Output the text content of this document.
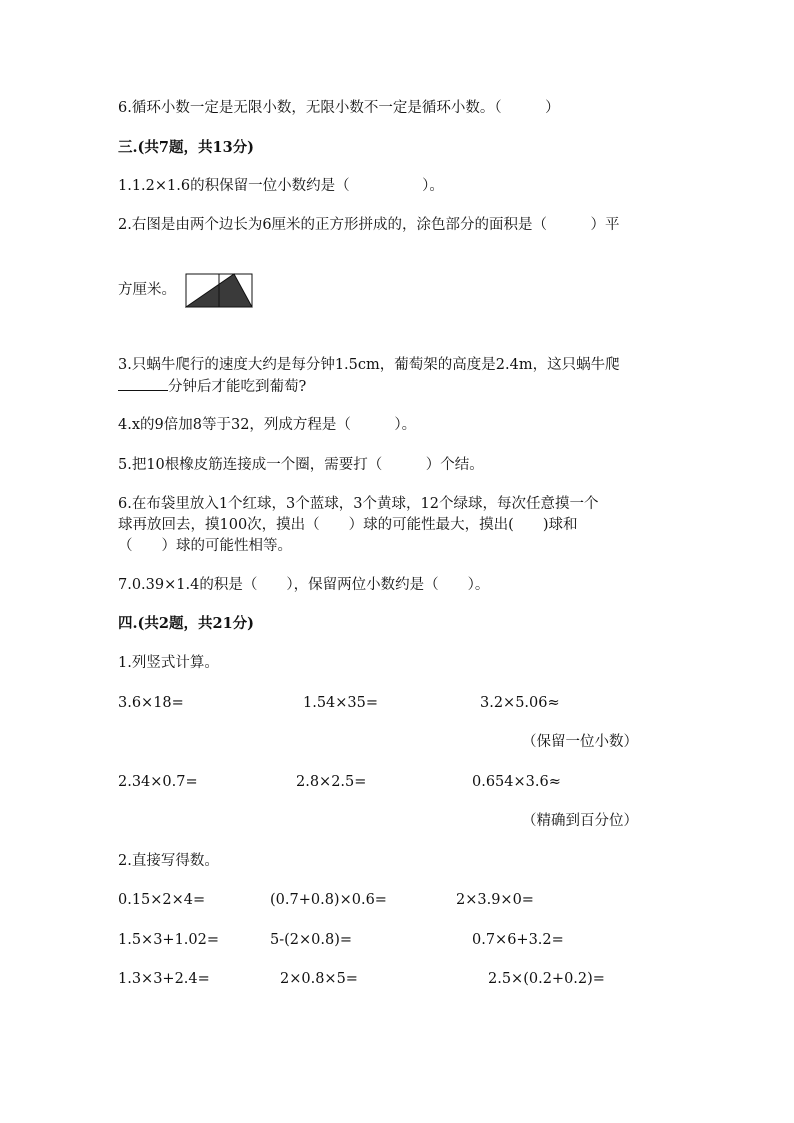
6.循环小数一定是无限小数，无限小数不一定是循环小数。（　　　）
三.(共7题，共13分)
1.1.2×1.6的积保留一位小数约是（　　　　　）。
2.右图是由两个边长为6厘米的正方形拼成的，涂色部分的面积是（　　　）平
方厘米。
3.只蜗牛爬行的速度大约是每分钟1.5cm，葡萄架的高度是2.4m，这只蜗牛爬
分钟后才能吃到葡萄?
4.x的9倍加8等于32，列成方程是（　　　）。
5.把10根橡皮筋连接成一个圈，需要打（　　　）个结。
6.在布袋里放入1个红球，3个蓝球，3个黄球，12个绿球，每次任意摸一个
球再放回去，摸100次，摸出（　　）球的可能性最大，摸出(　　)球和
（　　）球的可能性相等。
7.0.39×1.4的积是（　　），保留两位小数约是（　　）。
四.(共2题，共21分)
1.列竖式计算。
3.6×18=	1.54×35=	3.2×5.06≈
（保留一位小数）
2.34×0.7=	2.8×2.5=	0.654×3.6≈
（精确到百分位）
2.直接写得数。
0.15×2×4=	(0.7+0.8)×0.6=	2×3.9×0=
1.5×3+1.02=	5-(2×0.8)=	0.7×6+3.2=
1.3×3+2.4=	2×0.8×5=	2.5×(0.2+0.2)=
